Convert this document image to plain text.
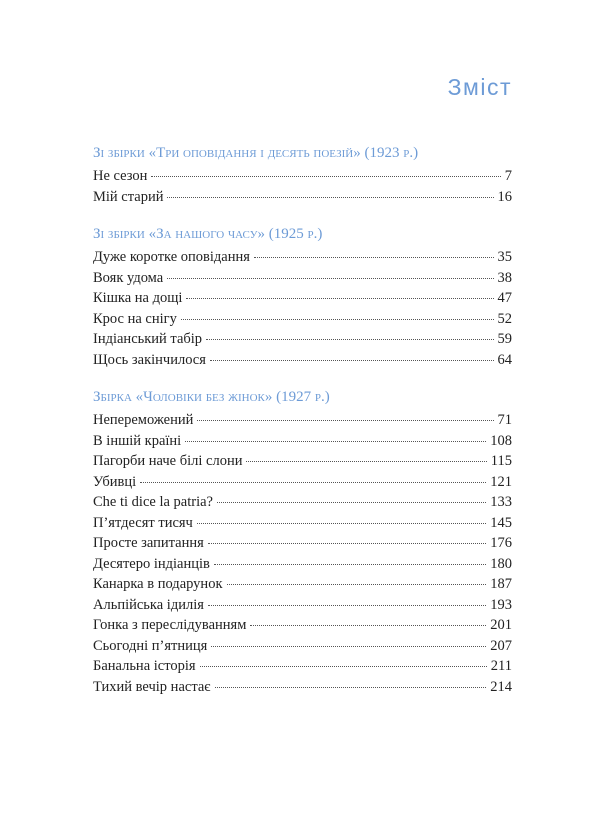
Зміст
Зі збірки «Три оповідання і десять поезій» (1923 р.)
Не сезон	7
Мій старий	16
Зі збірки «За нашого часу» (1925 р.)
Дуже коротке оповідання	35
Вояк удома	38
Кішка на дощі	47
Крос на снігу	52
Індіанський табір	59
Щось закінчилося	64
Збірка «Чоловіки без жінок» (1927 р.)
Непереможений	71
В іншій країні	108
Пагорби наче білі слони	115
Убивці	121
Che ti dice la patria?	133
П’ятдесят тисяч	145
Просте запитання	176
Десятеро індіанців	180
Канарка в подарунок	187
Альпійська ідилія	193
Гонка з переслідуванням	201
Сьогодні п’ятниця	207
Банальна історія	211
Тихий вечір настає	214
